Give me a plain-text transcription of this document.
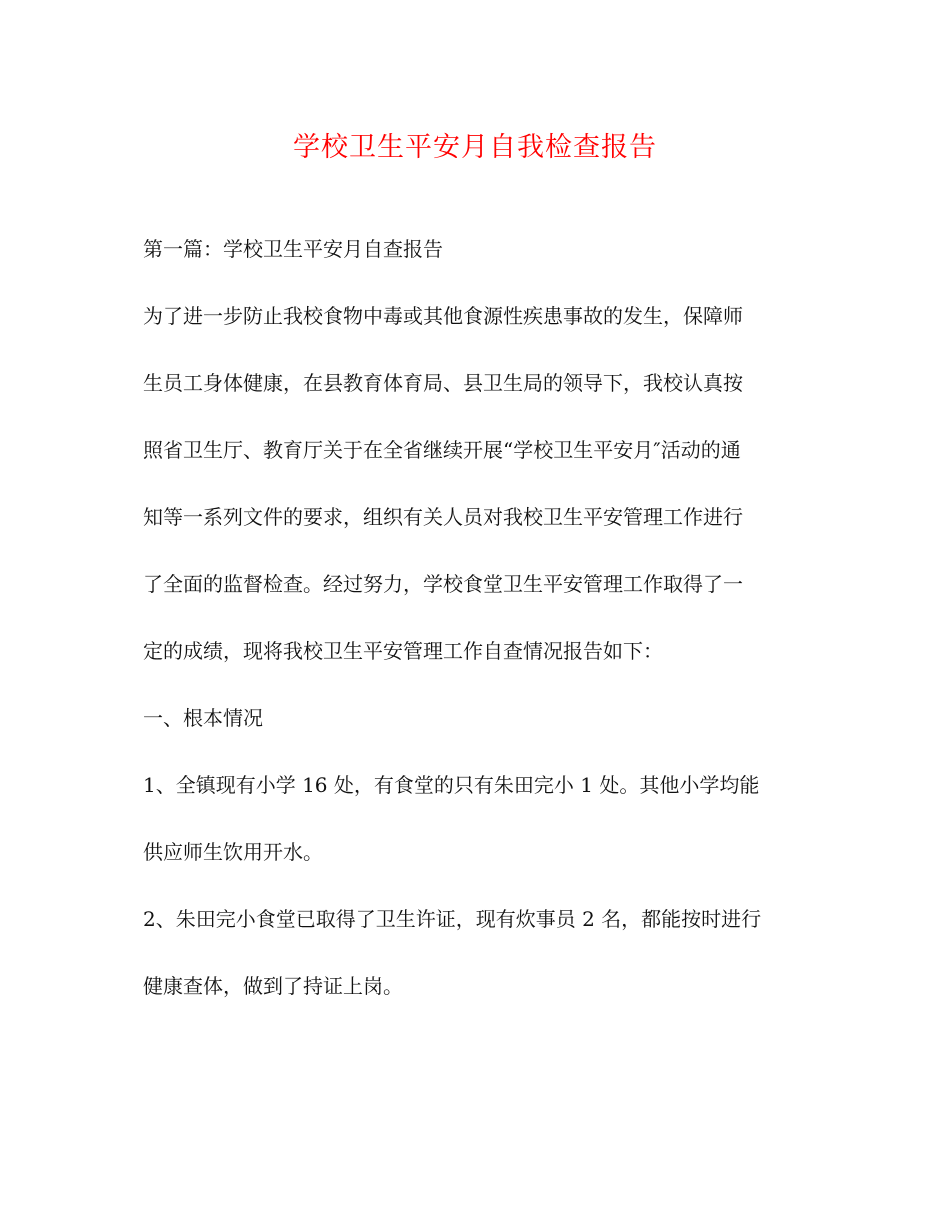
学校卫生平安月自我检查报告
第一篇：学校卫生平安月自查报告
为了进一步防止我校食物中毒或其他食源性疾患事故的发生，保障师
生员工身体健康，在县教育体育局、县卫生局的领导下，我校认真按
照省卫生厅、教育厅关于在全省继续开展“学校卫生平安月″活动的通
知等一系列文件的要求，组织有关人员对我校卫生平安管理工作进行
了全面的监督检查。经过努力，学校食堂卫生平安管理工作取得了一
定的成绩，现将我校卫生平安管理工作自查情况报告如下：
一、根本情况
1、全镇现有小学 16 处，有食堂的只有朱田完小 1 处。其他小学均能
供应师生饮用开水。
2、朱田完小食堂已取得了卫生许证，现有炊事员 2 名，都能按时进行
健康查体，做到了持证上岗。
